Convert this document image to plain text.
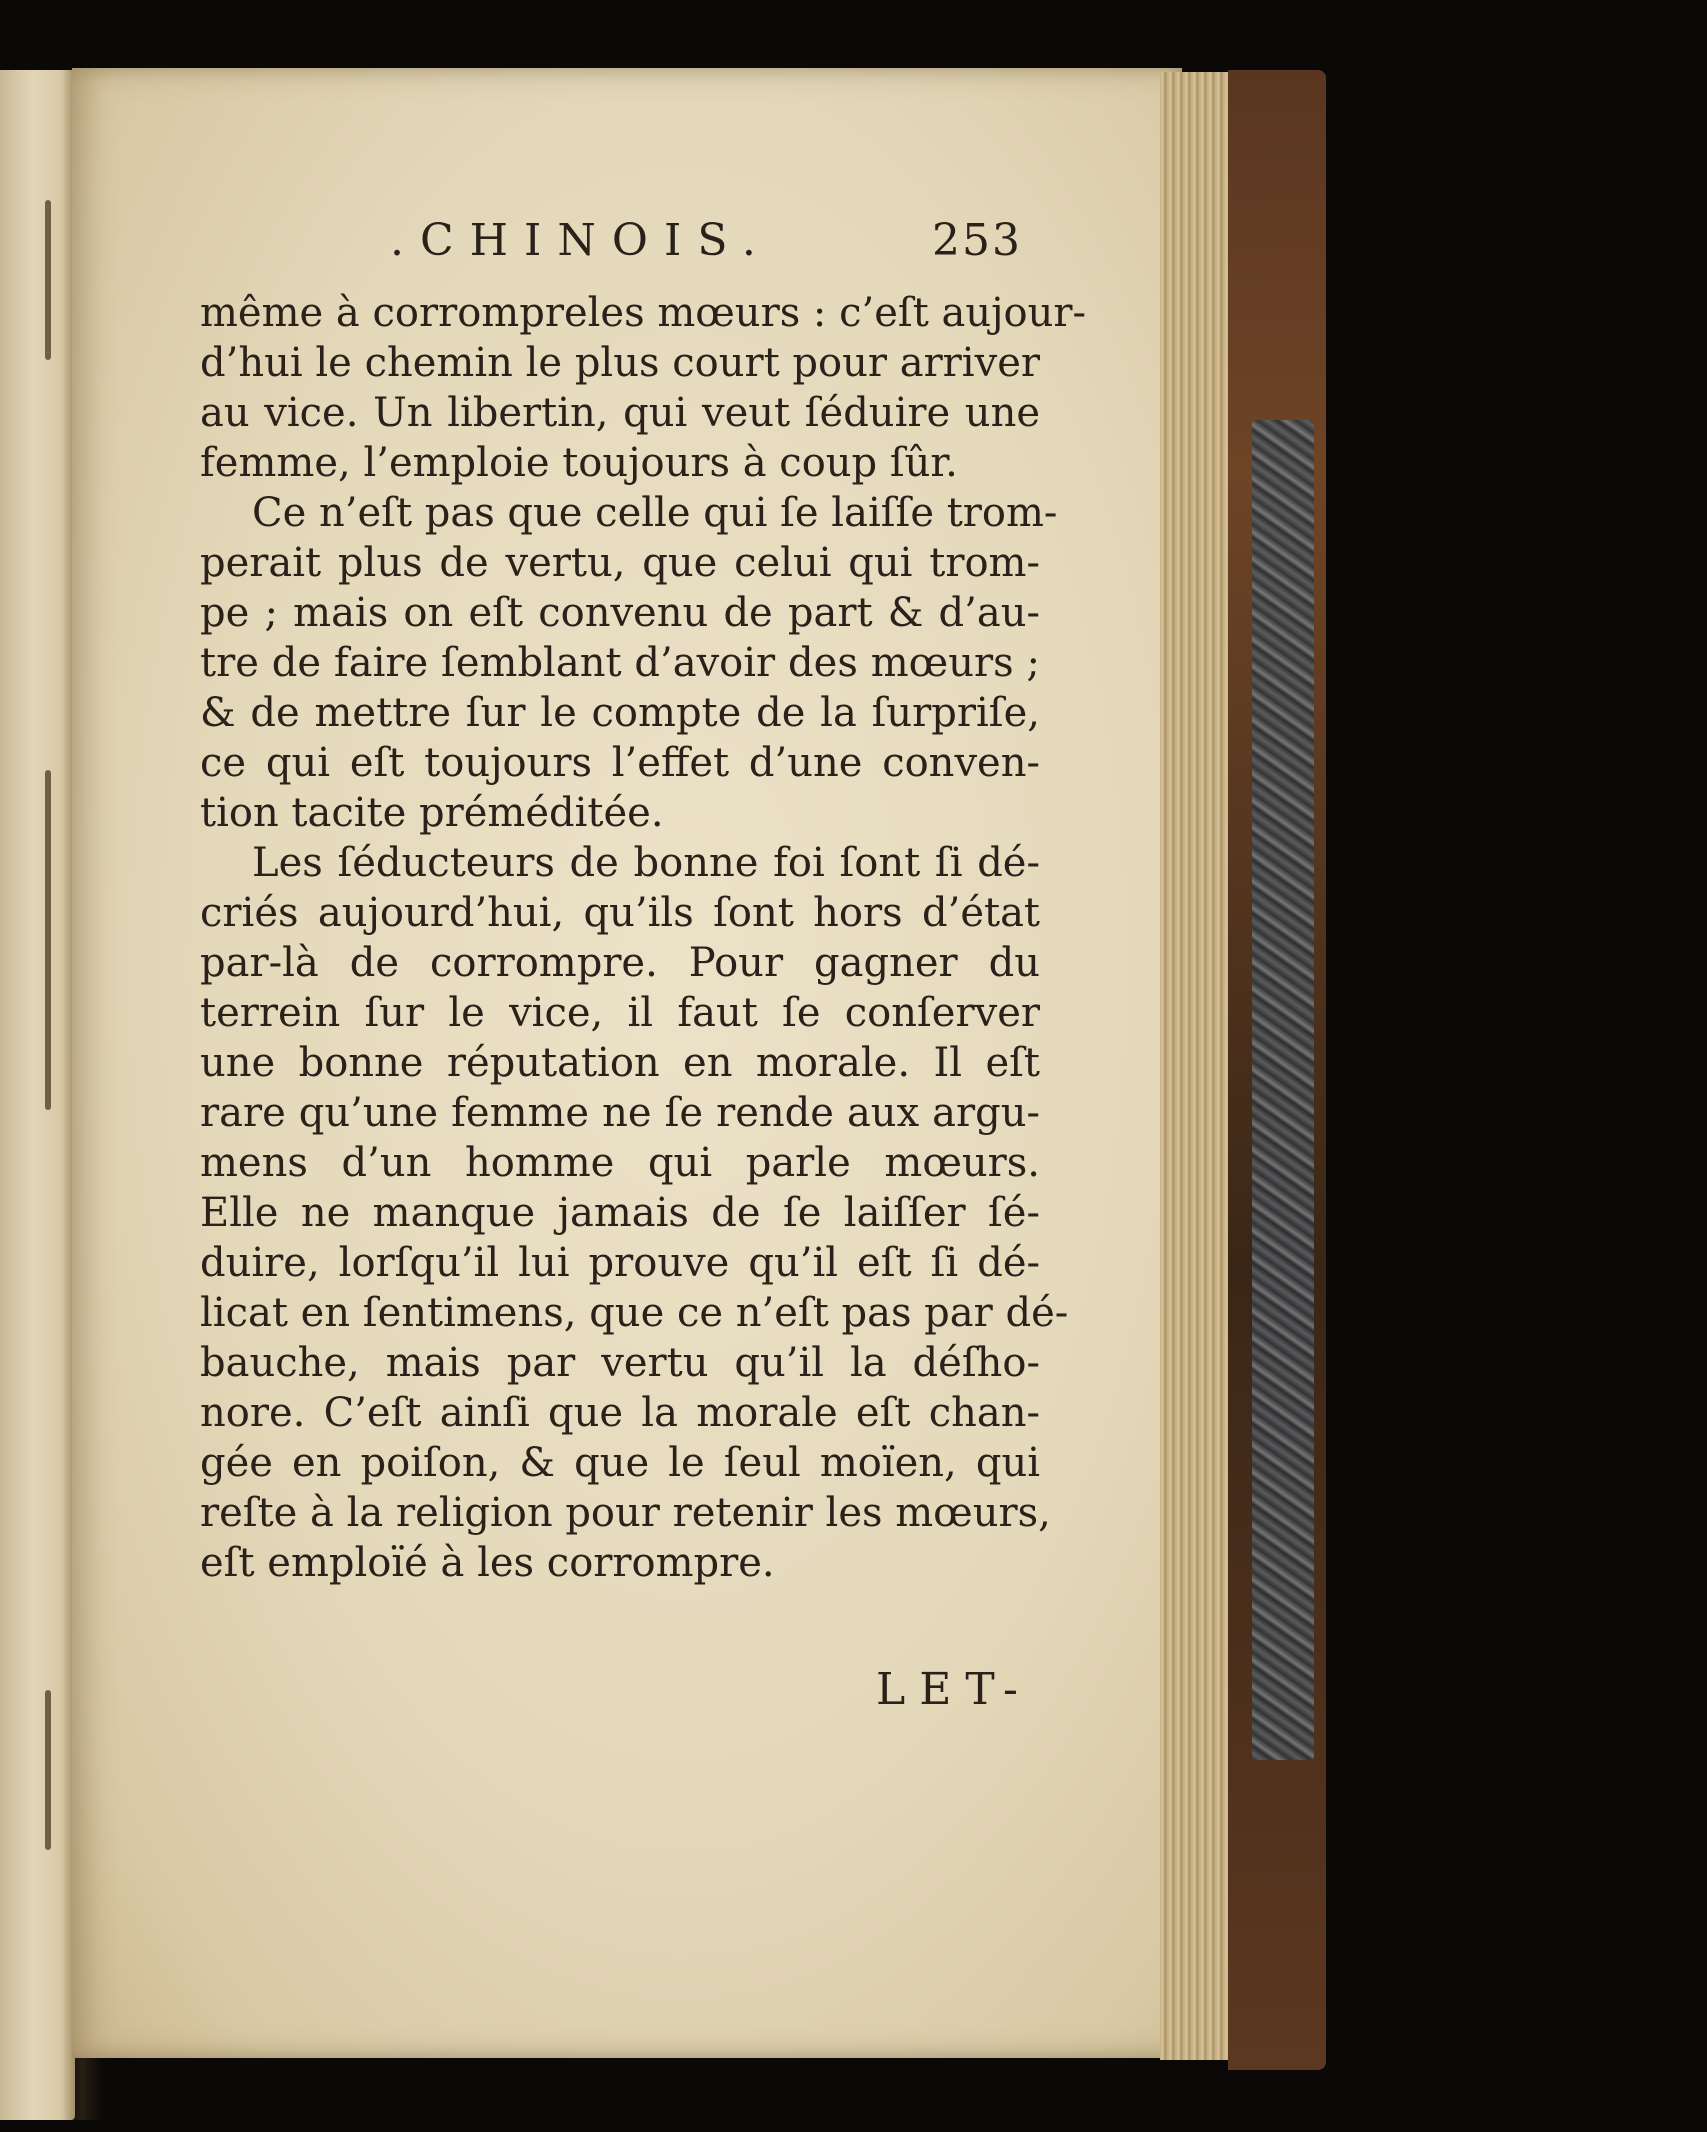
.CHINOIS.	253
même à corrompreles mœurs : c’eſt aujour-
d’hui le chemin le plus court pour arriver
au vice. Un libertin, qui veut ſéduire une
femme, l’emploie toujours à coup ſûr.
Ce n’eſt pas que celle qui ſe laiſſe trom-
perait plus de vertu, que celui qui trom-
pe ; mais on eſt convenu de part & d’au-
tre de faire ſemblant d’avoir des mœurs ;
& de mettre ſur le compte de la ſurpriſe,
ce qui eſt toujours l’effet d’une conven-
tion tacite préméditée.
Les ſéducteurs de bonne foi ſont ſi dé-
criés aujourd’hui, qu’ils ſont hors d’état
par-là de corrompre. Pour gagner du
terrein ſur le vice, il faut ſe conſerver
une bonne réputation en morale. Il eſt
rare qu’une femme ne ſe rende aux argu-
mens d’un homme qui parle mœurs.
Elle ne manque jamais de ſe laiſſer ſé-
duire, lorſqu’il lui prouve qu’il eſt ſi dé-
licat en ſentimens, que ce n’eſt pas par dé-
bauche, mais par vertu qu’il la déſho-
nore. C’eſt ainſi que la morale eſt chan-
gée en poiſon, & que le ſeul moïen, qui
reſte à la religion pour retenir les mœurs,
eſt emploïé à les corrompre.
LET-
